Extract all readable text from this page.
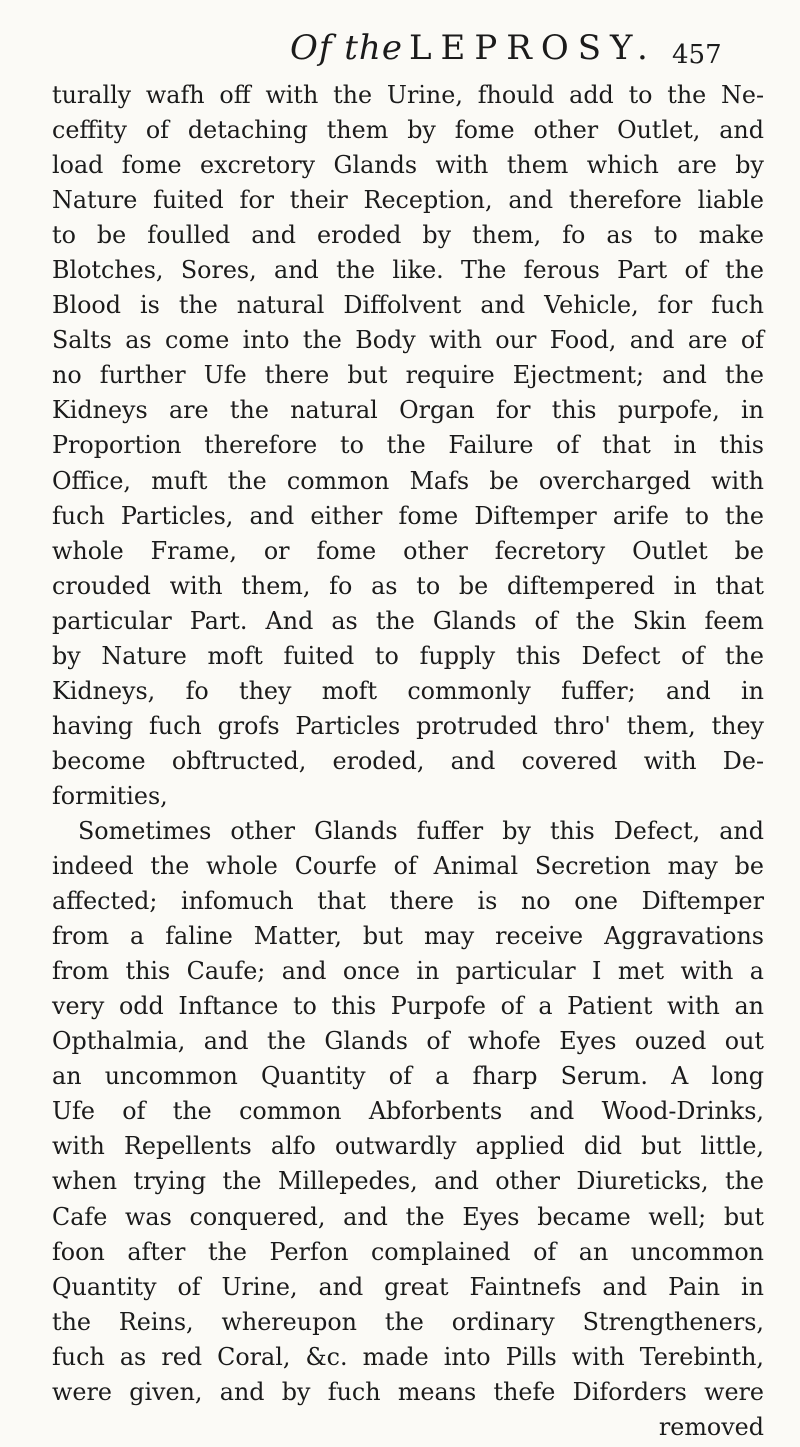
Of the LEPROSY. 457
turally wafh off with the Urine, fhould add to the Ne-
ceffity of detaching them by fome other Outlet, and
load fome excretory Glands with them which are by
Nature fuited for their Reception, and therefore liable
to be foulled and eroded by them, fo as to make
Blotches, Sores, and the like. The ferous Part of the
Blood is the natural Diffolvent and Vehicle, for fuch
Salts as come into the Body with our Food, and are of
no further Ufe there but require Ejectment; and the
Kidneys are the natural Organ for this purpofe, in
Proportion therefore to the Failure of that in this
Office, muft the common Mafs be overcharged with
fuch Particles, and either fome Diftemper arife to the
whole Frame, or fome other fecretory Outlet be
crouded with them, fo as to be diftempered in that
particular Part. And as the Glands of the Skin feem
by Nature moft fuited to fupply this Defect of the
Kidneys, fo they moft commonly fuffer; and in
having fuch grofs Particles protruded thro' them, they
become obftructed, eroded, and covered with De-
formities,
Sometimes other Glands fuffer by this Defect, and
indeed the whole Courfe of Animal Secretion may be
affected; infomuch that there is no one Diftemper
from a faline Matter, but may receive Aggravations
from this Caufe; and once in particular I met with a
very odd Inftance to this Purpofe of a Patient with an
Opthalmia, and the Glands of whofe Eyes ouzed out
an uncommon Quantity of a fharp Serum. A long
Ufe of the common Abforbents and Wood-Drinks,
with Repellents alfo outwardly applied did but little,
when trying the Millepedes, and other Diureticks, the
Cafe was conquered, and the Eyes became well; but
foon after the Perfon complained of an uncommon
Quantity of Urine, and great Faintnefs and Pain in
the Reins, whereupon the ordinary Strengtheners,
fuch as red Coral, &c. made into Pills with Terebinth,
were given, and by fuch means thefe Diforders were
removed
